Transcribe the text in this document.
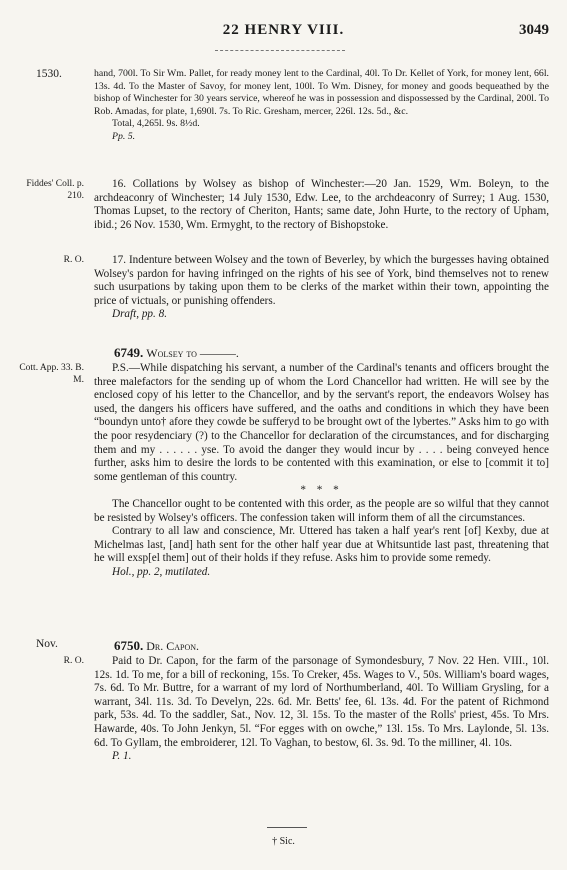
22 HENRY VIII.	3049
1530.	hand, 700l. To Sir Wm. Pallet, for ready money lent to the Cardinal, 40l. To Dr. Kellet of York, for money lent, 66l. 13s. 4d. To the Master of Savoy, for money lent, 100l. To Wm. Disney, for money and goods bequeathed by the bishop of Winchester for 30 years service, whereof he was in possession and dispossessed by the Cardinal, 200l. To Rob. Amadas, for plate, 1,690l. 7s. To Ric. Gresham, mercer, 226l. 12s. 5d., &c.
Total, 4,265l. 9s. 8½d.
Pp. 5.
Fiddes' Coll. p. 210.
16. Collations by Wolsey as bishop of Winchester:—20 Jan. 1529, Wm. Boleyn, to the archdeaconry of Winchester; 14 July 1530, Edw. Lee, to the archdeaconry of Surrey; 1 Aug. 1530, Thomas Lupset, to the rectory of Cheriton, Hants; same date, John Hurte, to the rectory of Upham, ibid.; 26 Nov. 1530, Wm. Ermyght, to the rectory of Bishopstoke.
R. O.	17. Indenture between Wolsey and the town of Beverley, by which the burgesses having obtained Wolsey's pardon for having infringed on the rights of his see of York, bind themselves not to renew such usurpations by taking upon them to be clerks of the market within their town, appointing the price of victuals, or punishing offenders.
Draft, pp. 8.
6749. Wolsey to ———.
Cott. App. 33. B. M.
P.S.—While dispatching his servant, a number of the Cardinal's tenants and officers brought the three malefactors for the sending up of whom the Lord Chancellor had written. He will see by the enclosed copy of his letter to the Chancellor, and by the servant's report, the endeavors Wolsey has used, the dangers his officers have suffered, and the oaths and conditions in which they have been “boundyn unto† afore they cowde be sufferyd to be brought owt of the lybertes.” Asks him to go with the poor resydenciary (?) to the Chancellor for declaration of the circumstances, and for discharging them and my . . . . . . yse. To avoid the danger they would incur by . . . . being conveyed hence further, asks him to desire the lords to be contented with this examination, or else to [commit it to] some gentleman of this country.
* * *
The Chancellor ought to be contented with this order, as the people are so wilful that they cannot be resisted by Wolsey's officers. The confession taken will inform them of all the circumstances.
Contrary to all law and conscience, Mr. Uttered has taken a half year's rent [of] Kexby, due at Michelmas last, [and] hath sent for the other half year due at Whitsuntide last past, threatening that he will exsp[el them] out of their holds if they refuse. Asks him to provide some remedy.
Hol., pp. 2, mutilated.
Nov.	6750. Dr. Capon.
R. O.	Paid to Dr. Capon, for the farm of the parsonage of Symondesbury, 7 Nov. 22 Hen. VIII., 10l. 12s. 1d. To me, for a bill of reckoning, 15s. To Creker, 45s. Wages to V., 50s. William's board wages, 7s. 6d. To Mr. Buttre, for a warrant of my lord of Northumberland, 40l. To William Grysling, for a warrant, 34l. 11s. 3d. To Develyn, 22s. 6d. Mr. Betts' fee, 6l. 13s. 4d. For the patent of Richmond park, 53s. 4d. To the saddler, Sat., Nov. 12, 3l. 15s. To the master of the Rolls' priest, 45s. To Mrs. Hawarde, 40s. To John Jenkyn, 5l. “For egges with on owche,” 13l. 15s. To Mrs. Laylonde, 5l. 13s. 6d. To Gyllam, the embroiderer, 12l. To Vaghan, to bestow, 6l. 3s. 9d. To the milliner, 4l. 10s.
P. 1.
† Sic.
